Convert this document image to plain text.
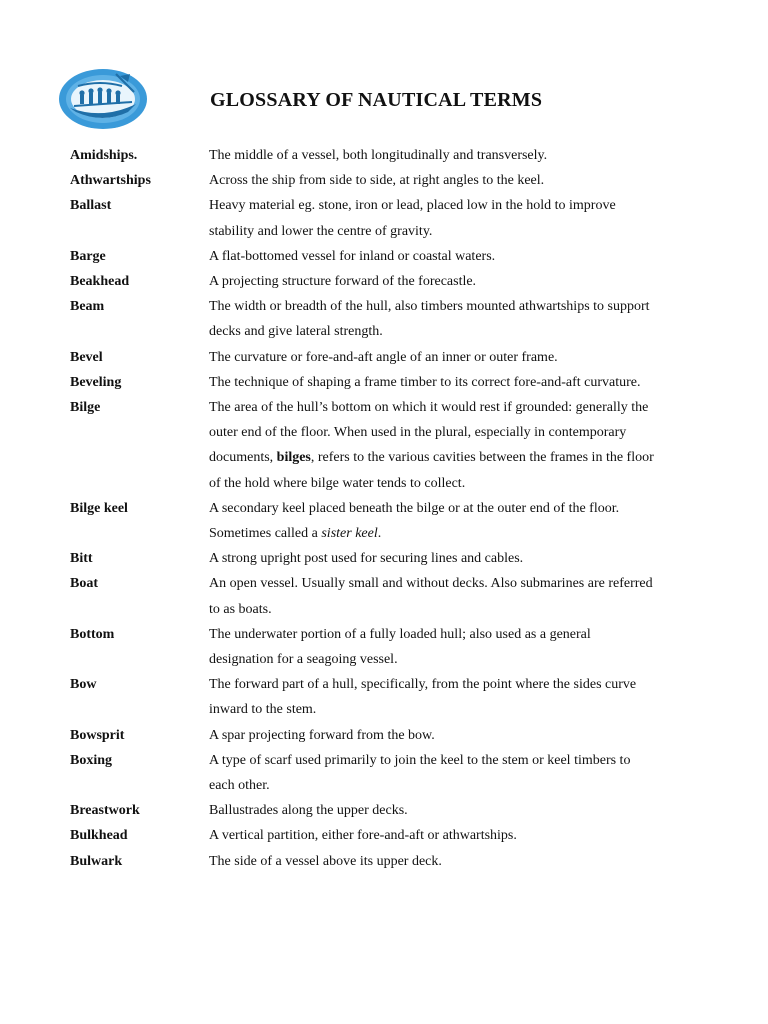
GLOSSARY OF NAUTICAL TERMS
Amidships.	The middle of a vessel, both longitudinally and transversely.
Athwartships	Across the ship from side to side, at right angles to the keel.
Ballast	Heavy material eg. stone, iron or lead, placed low in the hold to improve stability and lower the centre of gravity.
Barge	A flat-bottomed vessel for inland or coastal waters.
Beakhead	A projecting structure forward of the forecastle.
Beam	The width or breadth of the hull, also timbers mounted athwartships to support decks and give lateral strength.
Bevel	The curvature or fore-and-aft angle of an inner or outer frame.
Beveling	The technique of shaping a frame timber to its correct fore-and-aft curvature.
Bilge	The area of the hull’s bottom on which it would rest if grounded: generally the outer end of the floor. When used in the plural, especially in contemporary documents, bilges, refers to the various cavities between the frames in the floor of the hold where bilge water tends to collect.
Bilge keel	A secondary keel placed beneath the bilge or at the outer end of the floor. Sometimes called a sister keel.
Bitt	A strong upright post used for securing lines and cables.
Boat	An open vessel. Usually small and without decks. Also submarines are referred to as boats.
Bottom	The underwater portion of a fully loaded hull; also used as a general designation for a seagoing vessel.
Bow	The forward part of a hull, specifically, from the point where the sides curve inward to the stem.
Bowsprit	A spar projecting forward from the bow.
Boxing	A type of scarf used primarily to join the keel to the stem or keel timbers to each other.
Breastwork	Ballustrades along the upper decks.
Bulkhead	A vertical partition, either fore-and-aft or athwartships.
Bulwark	The side of a vessel above its upper deck.
